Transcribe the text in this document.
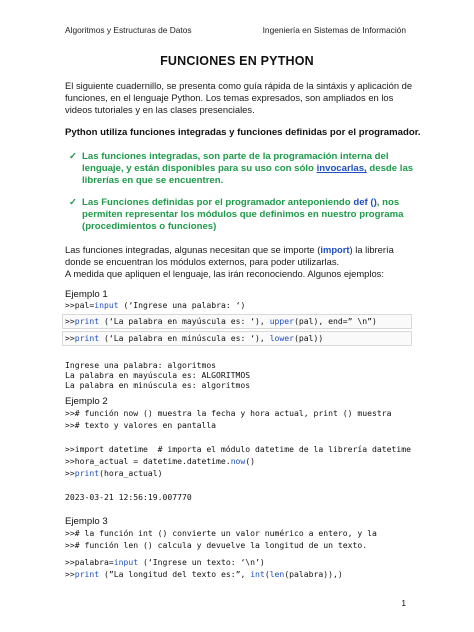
Algoritmos y Estructuras de Datos	Ingeniería en Sistemas de Información
FUNCIONES EN PYTHON
El siguiente cuadernillo, se presenta como guía rápida de la sintáxis y aplicación de funciones, en el lenguaje Python. Los temas expresados, son ampliados en los videos tutoriales y en las clases presenciales.
Python utiliza funciones integradas y funciones definidas por el programador.
✓ Las funciones integradas, son parte de la programación interna del lenguaje, y están disponibles para su uso con sólo invocarlas, desde las librerías en que se encuentren.
✓ Las Funciones definidas por el programador anteponiendo def (), nos permiten representar los módulos que definimos en nuestro programa (procedimientos o funciones)
Las funciones integradas, algunas necesitan que se importe (import) la librería donde se encuentran los módulos externos, para poder utilizarlas.
A medida que apliquen el lenguaje, las irán reconociendo. Algunos ejemplos:
Ejemplo 1
>>pal=input (‘Ingrese una palabra: ‘)
>>print (‘La palabra en mayúscula es: ‘), upper(pal), end=” \n”)
>>print (‘La palabra en minúscula es: ‘), lower(pal))
Ingrese una palabra: algoritmos
La palabra en mayúscula es: ALGORITMOS
La palabra en minúscula es: algoritmos
Ejemplo 2
>># función now () muestra la fecha y hora actual, print () muestra
>># texto y valores en pantalla
>>import datetime  # importa el módulo datetime de la librería datetime
>>hora_actual = datetime.datetime.now()
>>print(hora_actual)
2023-03-21 12:56:19.007770
Ejemplo 3
>># la función int () convierte un valor numérico a entero, y la
>># función len () calcula y devuelve la longitud de un texto.
>>palabra=input (‘Ingrese un texto: ‘\n’)
>>print (”La longitud del texto es:”, int(len(palabra)),)
1
